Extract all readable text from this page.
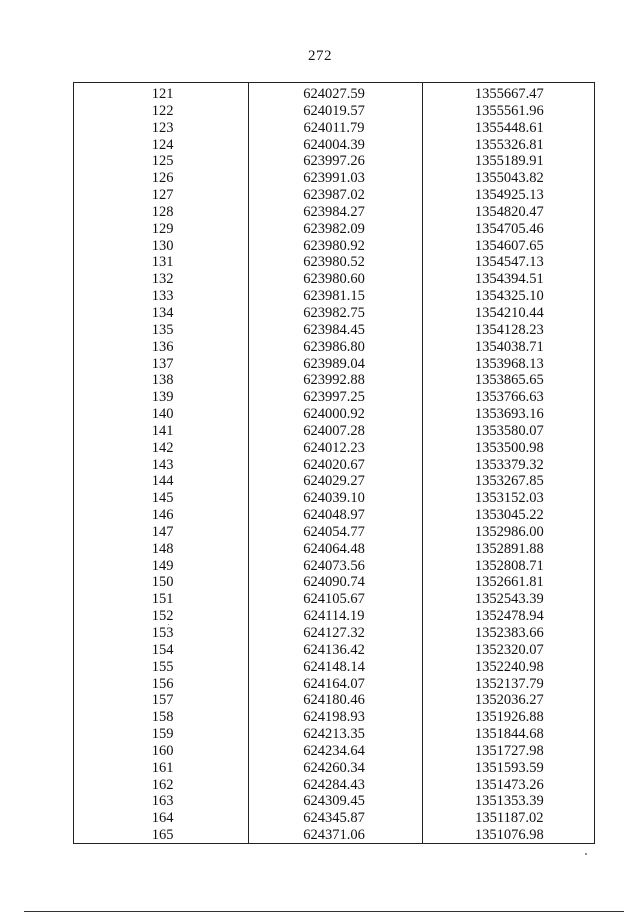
272
121	624027.59	1355667.47
122	624019.57	1355561.96
123	624011.79	1355448.61
124	624004.39	1355326.81
125	623997.26	1355189.91
126	623991.03	1355043.82
127	623987.02	1354925.13
128	623984.27	1354820.47
129	623982.09	1354705.46
130	623980.92	1354607.65
131	623980.52	1354547.13
132	623980.60	1354394.51
133	623981.15	1354325.10
134	623982.75	1354210.44
135	623984.45	1354128.23
136	623986.80	1354038.71
137	623989.04	1353968.13
138	623992.88	1353865.65
139	623997.25	1353766.63
140	624000.92	1353693.16
141	624007.28	1353580.07
142	624012.23	1353500.98
143	624020.67	1353379.32
144	624029.27	1353267.85
145	624039.10	1353152.03
146	624048.97	1353045.22
147	624054.77	1352986.00
148	624064.48	1352891.88
149	624073.56	1352808.71
150	624090.74	1352661.81
151	624105.67	1352543.39
152	624114.19	1352478.94
153	624127.32	1352383.66
154	624136.42	1352320.07
155	624148.14	1352240.98
156	624164.07	1352137.79
157	624180.46	1352036.27
158	624198.93	1351926.88
159	624213.35	1351844.68
160	624234.64	1351727.98
161	624260.34	1351593.59
162	624284.43	1351473.26
163	624309.45	1351353.39
164	624345.87	1351187.02
165	624371.06	1351076.98
